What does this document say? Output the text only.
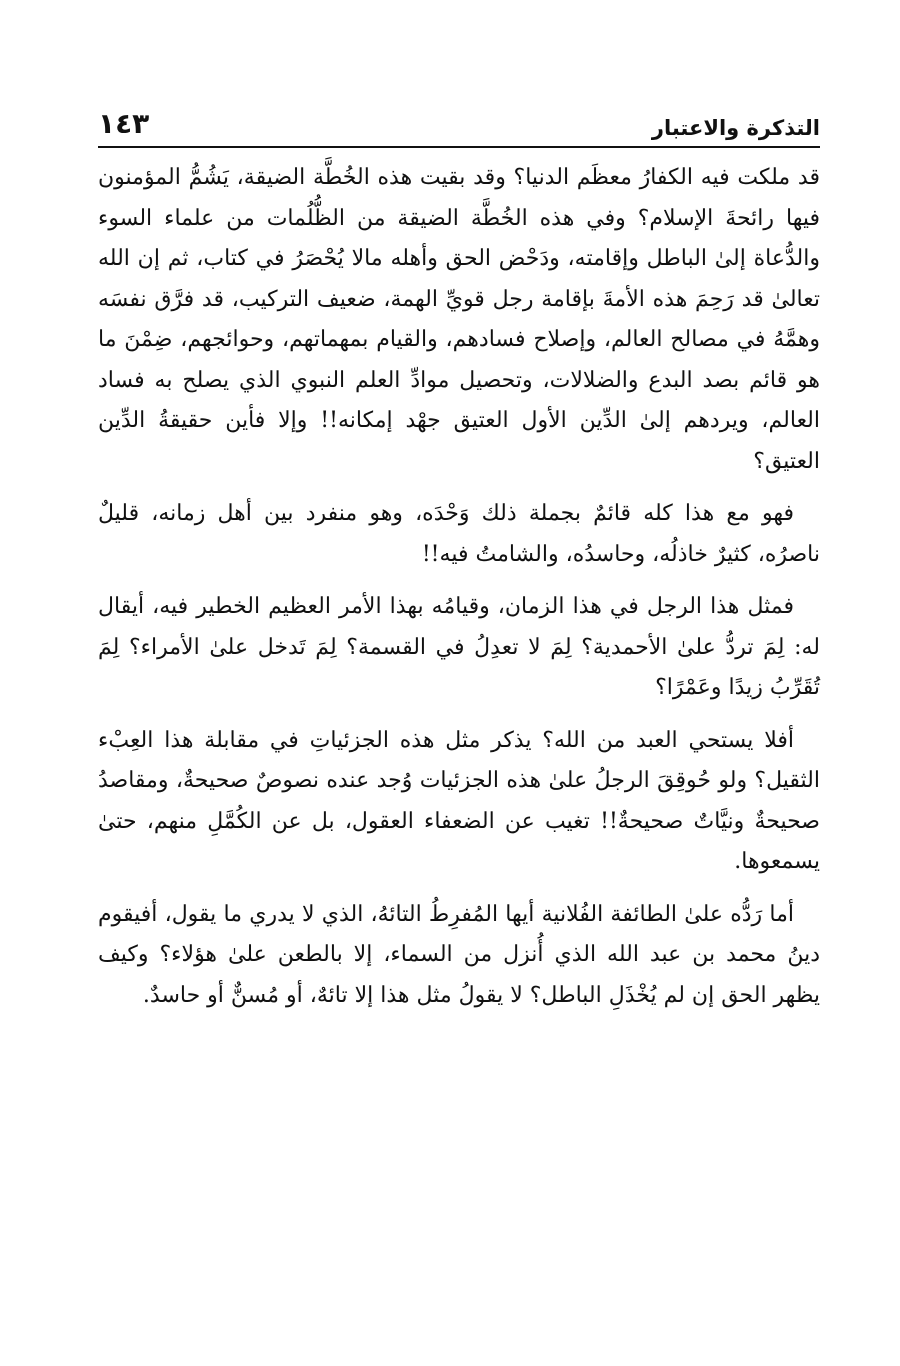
التذكرة والاعتبار
١٤٣

قد ملكت فيه الكفارُ معظَم الدنيا؟ وقد بقيت هذه الخُطَّة الضيقة، يَشُمُّ المؤمنون فيها رائحةَ الإسلام؟ وفي هذه الخُطَّة الضيقة من الظُّلُمات من علماء السوء والدُّعاة إلىٰ الباطل وإقامته، ودَحْض الحق وأهله مالا يُحْصَرُ في كتاب، ثم إن الله تعالىٰ قد رَحِمَ هذه الأمةَ بإقامة رجل قويِّ الهمة، ضعيف التركيب، قد فرَّق نفسَه وهمَّهُ في مصالح العالم، وإصلاح فسادهم، والقيام بمهماتهم، وحوائجهم، ضِمْنَ ما هو قائم بصد البدع والضلالات، وتحصيل موادِّ العلم النبوي الذي يصلح به فساد العالم، ويردهم إلىٰ الدِّين الأول العتيق جهْد إمكانه!! وإلا فأين حقيقةُ الدِّين العتيق؟

فهو مع هذا كله قائمٌ بجملة ذلك وَحْدَه، وهو منفرد بين أهل زمانه، قليلٌ ناصرُه، كثيرٌ خاذلُه، وحاسدُه، والشامتُ فيه!!

فمثل هذا الرجل في هذا الزمان، وقيامُه بهذا الأمر العظيم الخطير فيه، أيقال له: لِمَ تردُّ علىٰ الأحمدية؟ لِمَ لا تعدِلُ في القسمة؟ لِمَ تَدخل علىٰ الأمراء؟ لِمَ تُقَرِّبُ زيدًا وعَمْرًا؟

أفلا يستحي العبد من الله؟ يذكر مثل هذه الجزئياتِ في مقابلة هذا العِبْء الثقيل؟ ولو حُوقِقَ الرجلُ علىٰ هذه الجزئيات وُجد عنده نصوصٌ صحيحةٌ، ومقاصدُ صحيحةٌ ونيَّاتٌ صحيحةٌ!! تغيب عن الضعفاء العقول، بل عن الكُمَّلِ منهم، حتىٰ يسمعوها.

أما رَدُّه علىٰ الطائفة الفُلانية أيها المُفرِطُ التائهُ، الذي لا يدري ما يقول، أفيقوم دينُ محمد بن عبد الله الذي أُنزل من السماء، إلا بالطعن علىٰ هؤلاء؟ وكيف يظهر الحق إن لم يُخْذَلِ الباطل؟ لا يقولُ مثل هذا إلا تائهٌ، أو مُسنٌّ أو حاسدٌ.
